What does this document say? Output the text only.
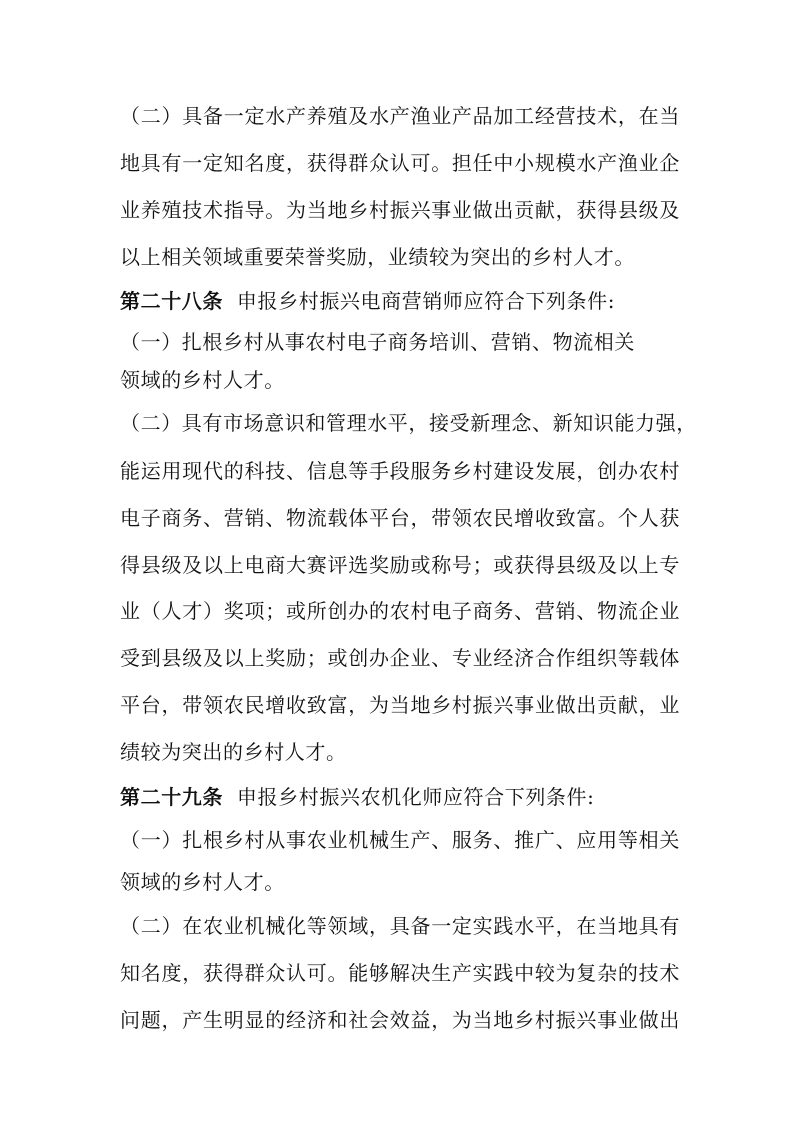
（二）具备一定水产养殖及水产渔业产品加工经营技术，在当
地具有一定知名度，获得群众认可。担任中小规模水产渔业企
业养殖技术指导。为当地乡村振兴事业做出贡献，获得县级及
以上相关领域重要荣誉奖励，业绩较为突出的乡村人才。
第二十八条 申报乡村振兴电商营销师应符合下列条件:
（一）扎根乡村从事农村电子商务培训、营销、物流相关
领域的乡村人才。
（二）具有市场意识和管理水平，接受新理念、新知识能力强，
能运用现代的科技、信息等手段服务乡村建设发展，创办农村
电子商务、营销、物流载体平台，带领农民增收致富。个人获
得县级及以上电商大赛评选奖励或称号；或获得县级及以上专
业（人才）奖项；或所创办的农村电子商务、营销、物流企业
受到县级及以上奖励；或创办企业、专业经济合作组织等载体
平台，带领农民增收致富，为当地乡村振兴事业做出贡献，业
绩较为突出的乡村人才。
第二十九条 申报乡村振兴农机化师应符合下列条件:
（一）扎根乡村从事农业机械生产、服务、推广、应用等相关
领域的乡村人才。
（二）在农业机械化等领域，具备一定实践水平，在当地具有
知名度，获得群众认可。能够解决生产实践中较为复杂的技术
问题，产生明显的经济和社会效益，为当地乡村振兴事业做出
